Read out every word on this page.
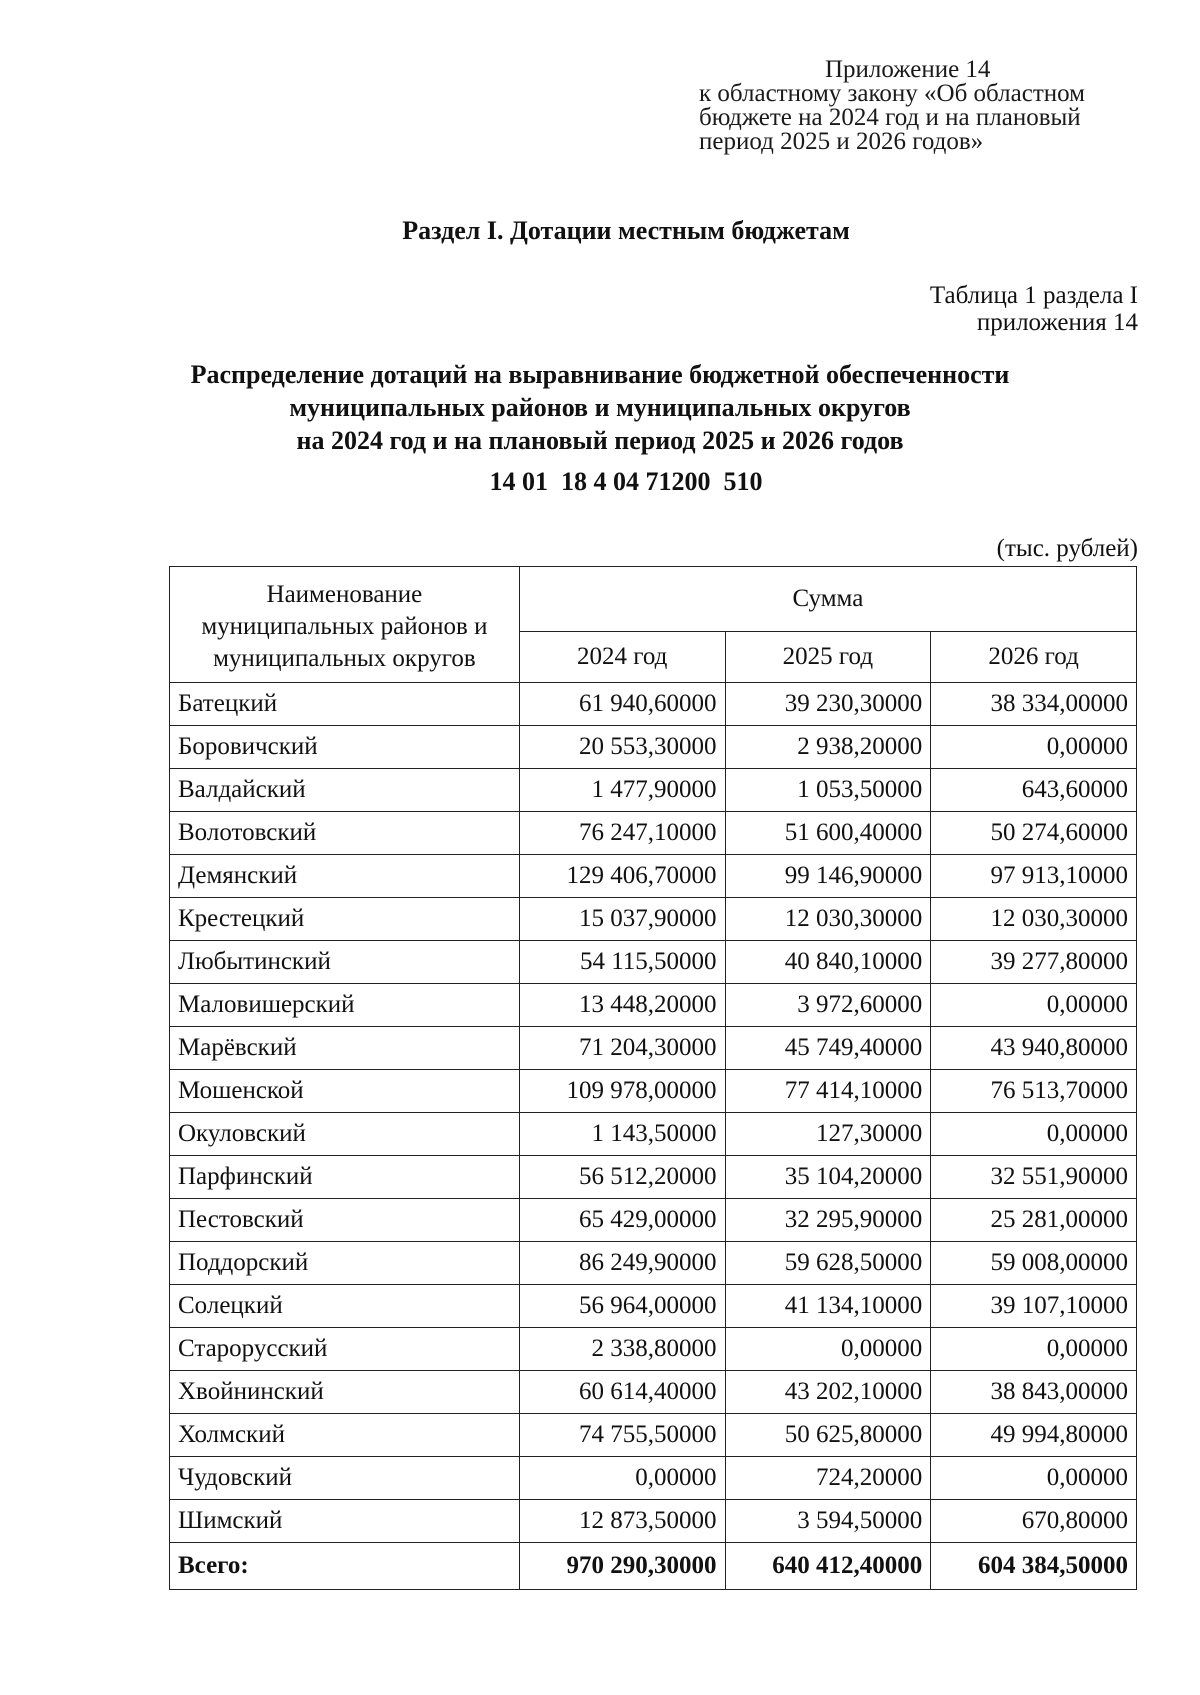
Приложение 14
к областному закону «Об областном
бюджете на 2024 год и на плановый
период 2025 и 2026 годов»
Раздел I. Дотации местным бюджетам
Таблица 1 раздела I
приложения 14
Распределение дотаций на выравнивание бюджетной обеспеченности
муниципальных районов и муниципальных округов
на 2024 год и на плановый период 2025 и 2026 годов
14 01  18 4 04 71200  510
(тыс. рублей)
Наименование муниципальных районов и муниципальных округов	Сумма		
	2024 год	2025 год	2026 год
Батецкий	61 940,60000	39 230,30000	38 334,00000
Боровичский	20 553,30000	2 938,20000	0,00000
Валдайский	1 477,90000	1 053,50000	643,60000
Волотовский	76 247,10000	51 600,40000	50 274,60000
Демянский	129 406,70000	99 146,90000	97 913,10000
Крестецкий	15 037,90000	12 030,30000	12 030,30000
Любытинский	54 115,50000	40 840,10000	39 277,80000
Маловишерский	13 448,20000	3 972,60000	0,00000
Марёвский	71 204,30000	45 749,40000	43 940,80000
Мошенской	109 978,00000	77 414,10000	76 513,70000
Окуловский	1 143,50000	127,30000	0,00000
Парфинский	56 512,20000	35 104,20000	32 551,90000
Пестовский	65 429,00000	32 295,90000	25 281,00000
Поддорский	86 249,90000	59 628,50000	59 008,00000
Солецкий	56 964,00000	41 134,10000	39 107,10000
Старорусский	2 338,80000	0,00000	0,00000
Хвойнинский	60 614,40000	43 202,10000	38 843,00000
Холмский	74 755,50000	50 625,80000	49 994,80000
Чудовский	0,00000	724,20000	0,00000
Шимский	12 873,50000	3 594,50000	670,80000
Всего:	970 290,30000	640 412,40000	604 384,50000
